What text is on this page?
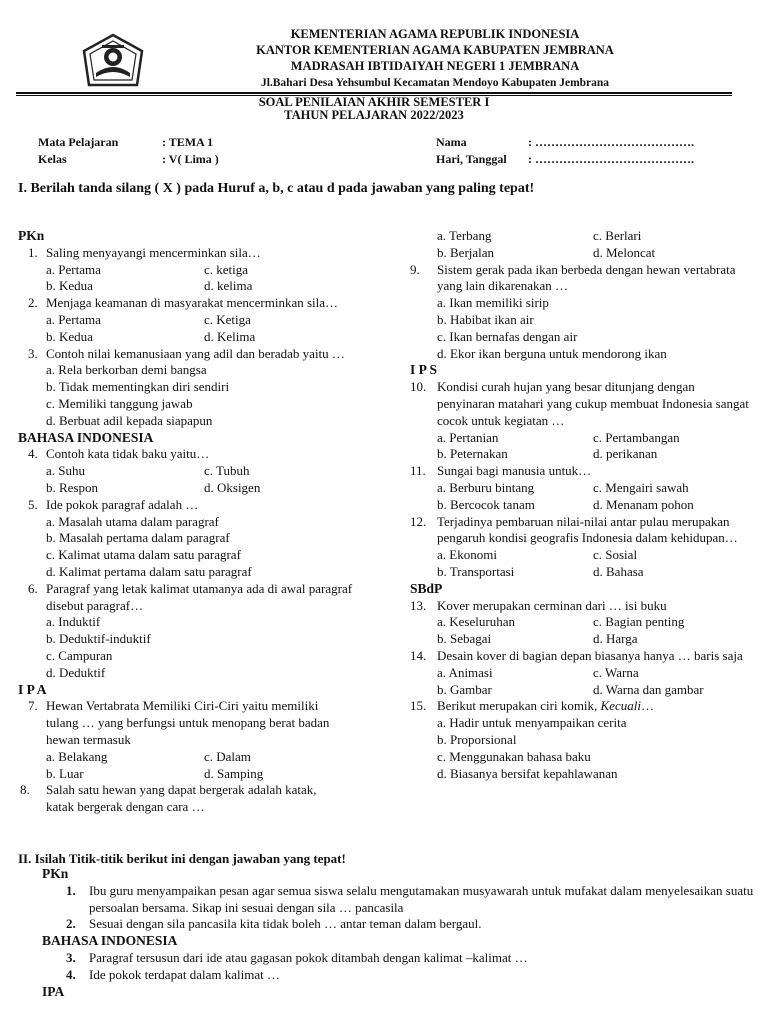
KEMENTERIAN AGAMA REPUBLIK INDONESIA
KANTOR KEMENTERIAN AGAMA KABUPATEN JEMBRANA
MADRASAH IBTIDAIYAH NEGERI 1 JEMBRANA
Jl.Bahari Desa Yehsumbul Kecamatan Mendoyo Kabupaten Jembrana
SOAL PENILAIAN AKHIR SEMESTER I
TAHUN PELAJARAN 2022/2023
Mata Pelajaran	: TEMA 1
Kelas	: V( Lima )
Nama	: ………………………………….
Hari, Tanggal : ………………………………….
I. Berilah tanda silang ( X ) pada Huruf a, b, c atau d pada jawaban yang paling tepat!
PKn
1. Saling menyayangi mencerminkan sila…
a. Pertama	c. ketiga
b. Kedua	d. kelima
2. Menjaga keamanan di masyarakat mencerminkan sila…
a. Pertama	c. Ketiga
b. Kedua	d. Kelima
3. Contoh nilai kemanusiaan yang adil dan beradab yaitu …
a. Rela berkorban demi bangsa
b. Tidak mementingkan diri sendiri
c. Memiliki tanggung jawab
d. Berbuat adil kepada siapapun
BAHASA INDONESIA
4. Contoh kata tidak baku yaitu…
a. Suhu	c. Tubuh
b. Respon	d. Oksigen
5. Ide pokok paragraf adalah …
a. Masalah utama dalam paragraf
b. Masalah pertama dalam paragraf
c. Kalimat utama dalam satu paragraf
d. Kalimat pertama dalam satu paragraf
6. Paragraf yang letak kalimat utamanya ada di awal paragraf disebut paragraf…
a. Induktif
b. Deduktif-induktif
c. Campuran
d. Deduktif
I P A
7. Hewan Vertabrata Memiliki Ciri-Ciri yaitu memiliki tulang … yang berfungsi untuk menopang berat badan hewan termasuk
a. Belakang	c. Dalam
b. Luar	d. Samping
8. Salah satu hewan yang dapat bergerak adalah katak, katak bergerak dengan cara …
a. Terbang	c. Berlari
b. Berjalan	d. Meloncat
9. Sistem gerak pada ikan berbeda dengan hewan vertabrata yang lain dikarenakan …
a. Ikan memiliki sirip
b. Habibat ikan air
c. Ikan bernafas dengan air
d. Ekor ikan berguna untuk mendorong ikan
I P S
10. Kondisi curah hujan yang besar ditunjang dengan penyinaran matahari yang cukup membuat Indonesia sangat cocok untuk kegiatan …
a. Pertanian	c. Pertambangan
b. Peternakan	d. perikanan
11. Sungai bagi manusia untuk…
a. Berburu bintang	c. Mengairi sawah
b. Bercocok tanam	d. Menanam pohon
12. Terjadinya pembaruan nilai-nilai antar pulau merupakan pengaruh kondisi geografis Indonesia dalam kehidupan…
a. Ekonomi	c. Sosial
b. Transportasi	d. Bahasa
SBdP
13. Kover merupakan cerminan dari … isi buku
a. Keseluruhan	c. Bagian penting
b. Sebagai	d. Harga
14. Desain kover di bagian depan biasanya hanya … baris saja
a. Animasi	c. Warna
b. Gambar	d. Warna dan gambar
15. Berikut merupakan ciri komik, Kecuali…
a. Hadir untuk menyampaikan cerita
b. Proporsional
c. Menggunakan bahasa baku
d. Biasanya bersifat kepahlawanan
II. Isilah Titik-titik berikut ini dengan jawaban yang tepat!
PKn
1. Ibu guru menyampaikan pesan agar semua siswa selalu mengutamakan musyawarah untuk mufakat dalam menyelesaikan suatu persoalan bersama. Sikap ini sesuai dengan sila … pancasila
2. Sesuai dengan sila pancasila kita tidak boleh … antar teman dalam bergaul.
BAHASA INDONESIA
3. Paragraf tersusun dari ide atau gagasan pokok ditambah dengan kalimat –kalimat …
4. Ide pokok terdapat dalam kalimat …
IPA
